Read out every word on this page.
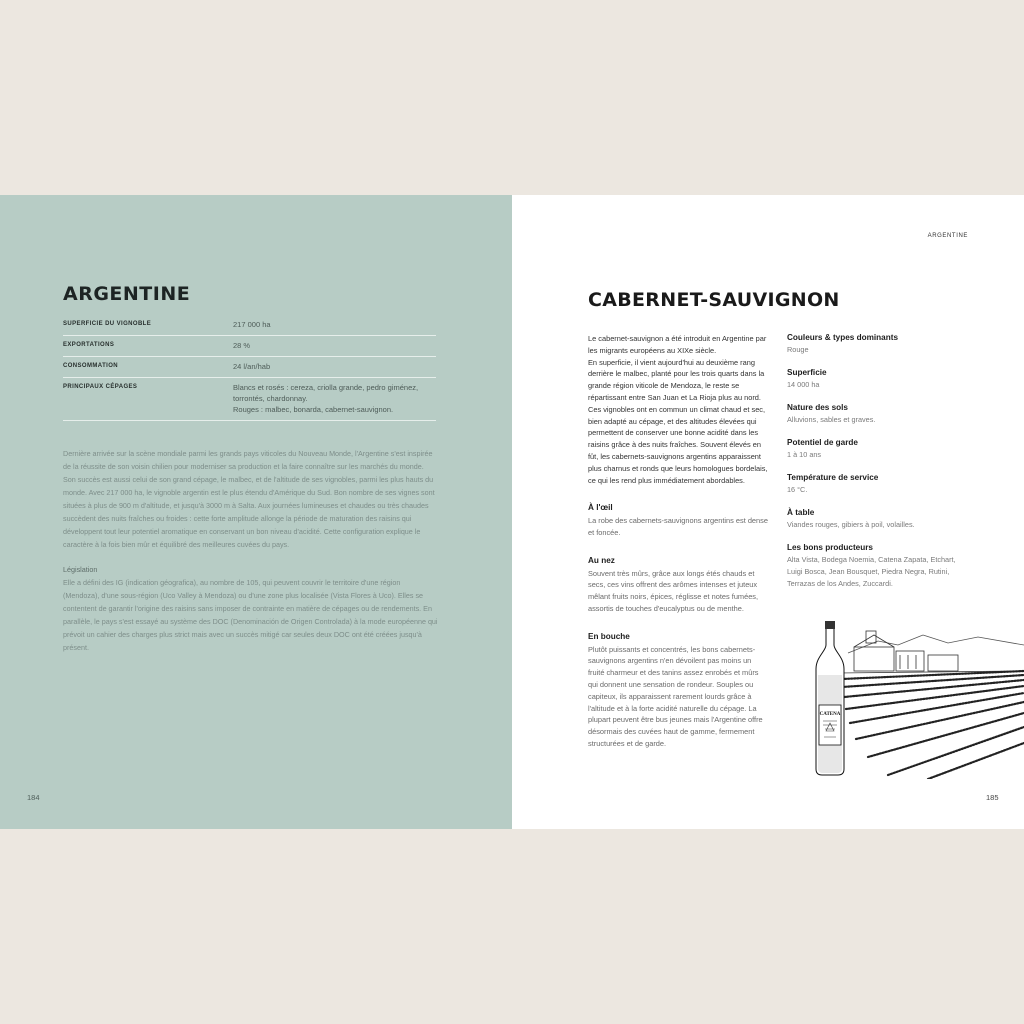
ARGENTINE
SUPERFICIE DU VIGNOBLE	217 000 ha
EXPORTATIONS	28 %
CONSOMMATION	24 l/an/hab
PRINCIPAUX CÉPAGES	Blancs et rosés : cereza, criolla grande, pedro giménez, torrontés, chardonnay.
Rouges : malbec, bonarda, cabernet-sauvignon.

Dernière arrivée sur la scène mondiale parmi les grands pays viticoles du Nouveau Monde, l'Argentine s'est inspirée de la réussite de son voisin chilien pour moderniser sa production et la faire connaître sur les marchés du monde. Son succès est aussi celui de son grand cépage, le malbec, et de l'altitude de ses vignobles, parmi les plus hauts du monde. Avec 217 000 ha, le vignoble argentin est le plus étendu d'Amérique du Sud. Bon nombre de ses vignes sont situées à plus de 900 m d'altitude, et jusqu'à 3000 m à Salta. Aux journées lumineuses et chaudes ou très chaudes succèdent des nuits fraîches ou froides : cette forte amplitude allonge la période de maturation des raisins qui développent tout leur potentiel aromatique en conservant un bon niveau d'acidité. Cette configuration explique le caractère à la fois bien mûr et équilibré des meilleures cuvées du pays.

Législation

Elle a défini des IG (indication géografica), au nombre de 105, qui peuvent couvrir le territoire d'une région (Mendoza), d'une sous-région (Uco Valley à Mendoza) ou d'une zone plus localisée (Vista Flores à Uco). Elles se contentent de garantir l'origine des raisins sans imposer de contrainte en matière de cépages ou de rendements. En parallèle, le pays s'est essayé au système des DOC (Denominación de Origen Controlada) à la mode européenne qui prévoit un cahier des charges plus strict mais avec un succès mitigé car seules deux DOC ont été créées jusqu'à présent.

184
ARGENTINE
CABERNET-SAUVIGNON

Le cabernet-sauvignon a été introduit en Argentine par les migrants européens au XIXe siècle.
En superficie, il vient aujourd'hui au deuxième rang derrière le malbec, planté pour les trois quarts dans la grande région viticole de Mendoza, le reste se répartissant entre San Juan et La Rioja plus au nord. Ces vignobles ont en commun un climat chaud et sec, bien adapté au cépage, et des altitudes élevées qui permettent de conserver une bonne acidité dans les raisins grâce à des nuits fraîches. Souvent élevés en fût, les cabernets-sauvignons argentins apparaissent plus charnus et ronds que leurs homologues bordelais, ce qui les rend plus immédiatement abordables.

À l'œil

La robe des cabernets-sauvignons argentins est dense et foncée.

Au nez

Souvent très mûrs, grâce aux longs étés chauds et secs, ces vins offrent des arômes intenses et juteux mêlant fruits noirs, épices, réglisse et notes fumées, assortis de touches d'eucalyptus ou de menthe.

En bouche

Plutôt puissants et concentrés, les bons cabernets-sauvignons argentins n'en dévoilent pas moins un fruité charmeur et des tanins assez enrobés et mûrs qui donnent une sensation de rondeur. Souples ou capiteux, ils apparaissent rarement lourds grâce à l'altitude et à la forte acidité naturelle du cépage. La plupart peuvent être bus jeunes mais l'Argentine offre désormais des cuvées haut de gamme, fermement structurées et de garde.

Couleurs & types dominants
Rouge
Superficie
14 000 ha
Nature des sols
Alluvions, sables et graves.
Potentiel de garde
1 à 10 ans
Température de service
16 °C.
À table
Viandes rouges, gibiers à poil, volailles.
Les bons producteurs
Alta Vista, Bodega Noemia, Catena Zapata, Etchart, Luigi Bosca, Jean Bousquet, Piedra Negra, Rutini, Terrazas de los Andes, Zuccardi.
CATENA
185
